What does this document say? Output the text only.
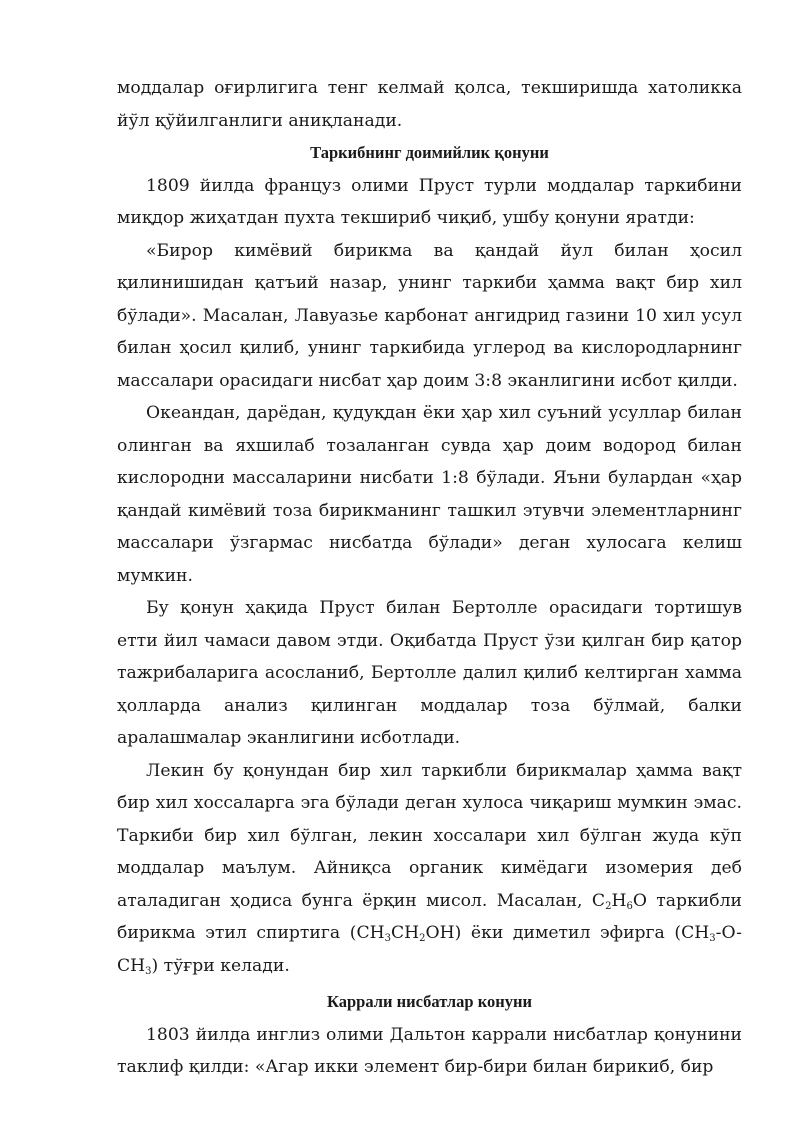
моддалар оғирлигига тенг келмай қолса, текширишда хатоликка йўл қўйилганлиги аниқланади.

Таркибнинг доимийлик қонуни

1809 йилда француз олими Пруст турли моддалар таркибини миқдор жиҳатдан пухта текшириб чиқиб, ушбу қонуни яратди:

«Бирор кимёвий бирикма ва қандай йул билан ҳосил қилинишидан қатъий назар, унинг таркиби ҳамма вақт бир хил бўлади». Масалан, Лавуазье карбонат ангидрид газини 10 хил усул билан ҳосил қилиб, унинг таркибида углерод ва кислородларнинг массалари орасидаги нисбат ҳар доим 3:8 эканлигини исбот қилди.

Океандан, дарёдан, қудуқдан ёки ҳар хил суъний усуллар билан олинган ва яхшилаб тозаланган сувда ҳар доим водород билан кислородни массаларини нисбати 1:8 бўлади. Яъни булардан «ҳар қандай кимёвий тоза бирикманинг ташкил этувчи элементларнинг массалари ўзгармас нисбатда бўлади» деган хулосага келиш мумкин.

Бу қонун ҳақида Пруст билан Бертолле орасидаги тортишув етти йил чамаси давом этди. Оқибатда Пруст ўзи қилган бир қатор тажрибаларига асосланиб, Бертолле далил қилиб келтирган хамма ҳолларда анализ қилинган моддалар тоза бўлмай, балки аралашмалар эканлигини исботлади.

Лекин бу қонундан бир хил таркибли бирикмалар ҳамма вақт бир хил хоссаларга эга бўлади деган хулоса чиқариш мумкин эмас. Таркиби бир хил бўлган, лекин хоссалари хил бўлган жуда кўп моддалар маълум. Айниқса органик кимёдаги изомерия деб аталадиган ҳодиса бунга ёрқин мисол. Масалан, $C_2H_6O$ таркибли бирикма этил спиртига $(CH_3CH_2OH)$ ёки диметил эфирга $(CH_3-O-CH_3)$ тўғри келади.

Каррали нисбатлар конуни

1803 йилда инглиз олими Дальтон каррали нисбатлар қонунини таклиф қилди: «Агар икки элемент бир-бири билан бирикиб, бир
